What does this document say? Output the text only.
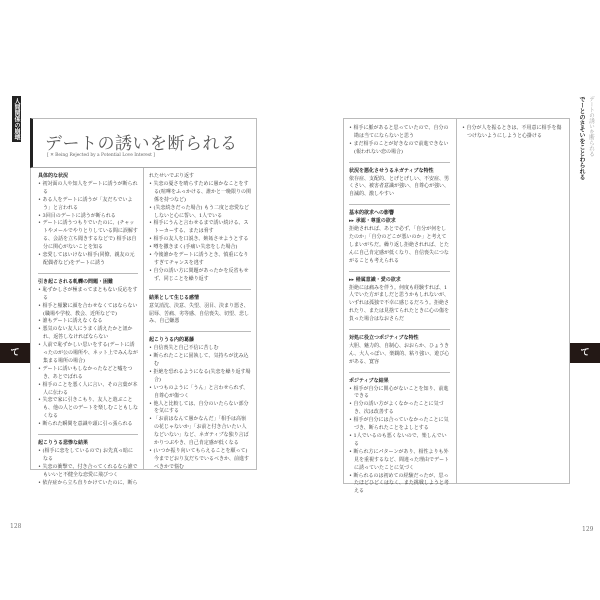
人間関係の崩壊
て
128
デートの誘いを断られる
[ ✕ Being Rejected by a Potential Love Interest ]
具体的な状況
• 初対面の人や知人をデートに誘うが断られる
• ある人をデートに誘うが「友だちでいよう」と言われる
• 3回目のデートに誘うが断られる
• デートに誘うつもりでいたのに、(チャットやメールでやりとりしている間に誤解する、会話を立ち聞きするなどで) 相手は自分に関心がないことを知る
• 恋愛してはいけない相手(同僚、親友の元配偶者など)をデートに誘う
引き起こされる軋轢の問題・困難
• 恥ずかしさが極まってまともない反応をする
• 相手と頻繁に顔を合わせなくてはならない(職場や学校、教会、近所などで)
• 誰もデートに誘えなくなる
• 悪気のない友人にうまく誘えたかと訊かれ、返答しなければならない
• 人前で恥ずかしい思いをする(デートに誘ったのが公の場所や、ネット上でみんなが集まる場所の場合)
• デートに誘いもしなかったなどと嘘をつき、あとでばれる
• 相手のことを悪く人に言い、その言葉が本人に伝わる
• 失恋で家に引きこもり、友人と遊ぶことも、他の人とのデートを楽しむこともしなくなる
• 断られた瞬間を意識や頭に引っ張られる
起こりうる悲惨な結果
• (相手に恋をしているので) お先真っ暗になる
• 失恋の衝撃で、付き合ってくれるなら誰でもいいと不健全な恋愛に飛びつく
• 依存症から立ち直りかけていたのに、断ら
れたせいでぶり返す
• 失恋の憂さを晴らすために愚かなことをする(喧嘩をふっかける、誰かと一晩限りの関係を持つなど)
• (失恋続きだった場合) もう二度と恋愛などしないと心に誓い、1人でいる
• 相手にうんと言わせるまで誘い続ける、ストーカーする、または脅す
• 相手の友人を口説き、嫉妬させようとする
• 噂を撒きまく(手痛い失恋をした場合)
• 今後誰かをデートに誘うとき、慎重になりすぎてチャンスを逃す
• 自分の誘い方に問題があったかを反省もせず、同じことを繰り返す
結果として生じる感情
意気消沈、決意、失望、羽目、決まり悪さ、屈辱、苦痛、劣等感、自信喪失、切望、悲しみ、自己嫌悪
起こりうる内的葛藤
• 自信喪失と自己不信に苦しむ
• 断られたことに固執して、気持ちが沈み込む
• 拒絶を恐れるようになる(失恋を繰り返す場合)
• いつものように「うん」と言わせられず、自尊心が傷つく
• 他人と比較しては、自分のいたらない部分を気にする
• 「お前はなんて愚かなんだ」「相手は高嶺の花じゃないか」「お前と付き合いたい人などいない」など、ネガティブな独り言ばかりつぶやき、自己肯定感が低くなる
• (いつか振り向いてもらえることを願って) 今までどおり友だちでいるべきか、前進すべきかで悩む
• 相手に脈があると思っていたので、自分の勘は当てにならないと思う
• まだ相手のことが好きなので前進できない(報われない恋の場合)
状況を悪化させうるネガティブな特性
依存症、支配的、とげとげしい、不安症、男くさい、被害者意識が強い、自尊心が強い、自滅的、激しやすい
基本的欲求への影響
▸▸ 承認・尊重の欲求
拒絶されれば、あとで必ず、「自分が何をしたのか」「自分のどこが悪いのか」と考えてしまいがちだ。繰り返し拒絶されれば、とたんに自己肯定感が低くなり、自信喪失につながることも考えられる
▸▸ 帰属意識・愛の欲求
拒絶には痛みを伴う。何度も経験すれば、1人でいた方がましだと思うかもしれないが、いずれは孤独で不幸に感じるだろう。拒絶されたり、または見捨てられたときに心の傷を負った場合はなおさらだ
対処に役立つポジティブな特性
大胆、魅力的、自制心、おおらか、ひょうきん、大人っぽい、楽観的、粘り強い、遊び心がある、寛容
ポジティブな結果
• 相手が自分に関心がないことを知り、前進できる
• 自分の誘い方がよくなかったことに気づき、次は改善する
• 相手が自分には合っていなかったことに気づき、断られたことをよしとする
• 1人でいるのも悪くないので、楽しんでいる
• 断られ方にパターンがあり、相性よりも外見を重視するなど、間違った理由でデートに誘っていたことに気づく
• 断られるのは初めての経験だったが、思ったほどひどくはなく、また挑戦しようと考える
• 自分が人を振るときは、不用意に相手を傷つけないようにしようと心掛ける	でーとのさそいをことわられる デートの誘いを断られる
て
129
